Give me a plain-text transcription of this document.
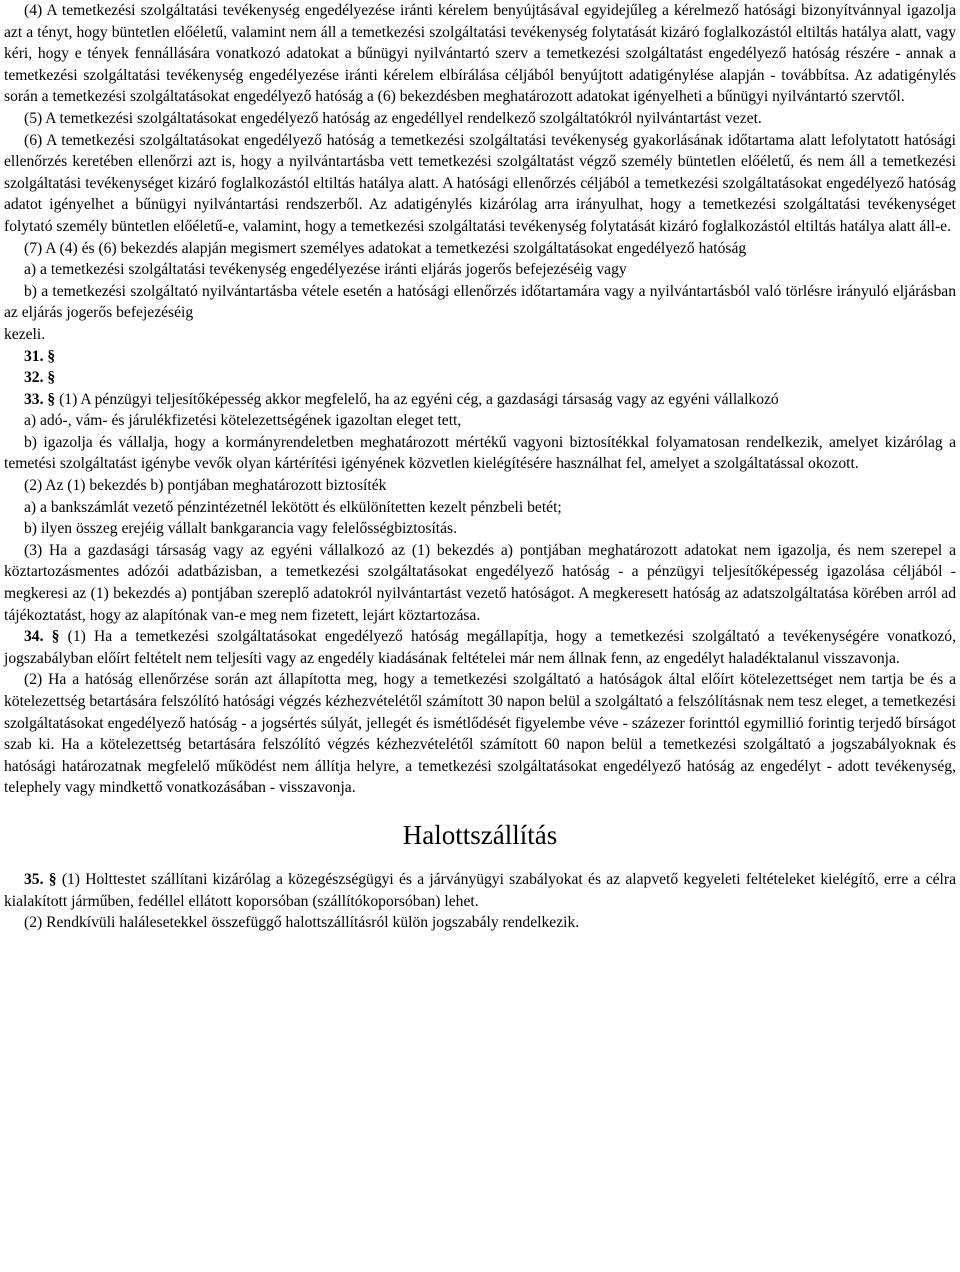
(4) A temetkezési szolgáltatási tevékenység engedélyezése iránti kérelem benyújtásával egyidejűleg a kérelmező hatósági bizonyítvánnyal igazolja azt a tényt, hogy büntetlen előéletű, valamint nem áll a temetkezési szolgáltatási tevékenység folytatását kizáró foglalkozástól eltiltás hatálya alatt, vagy kéri, hogy e tények fennállására vonatkozó adatokat a bűnügyi nyilvántartó szerv a temetkezési szolgáltatást engedélyező hatóság részére - annak a temetkezési szolgáltatási tevékenység engedélyezése iránti kérelem elbírálása céljából benyújtott adatigénylése alapján - továbbítsa. Az adatigénylés során a temetkezési szolgáltatásokat engedélyező hatóság a (6) bekezdésben meghatározott adatokat igényelheti a bűnügyi nyilvántartó szervtől.

(5) A temetkezési szolgáltatásokat engedélyező hatóság az engedéllyel rendelkező szolgáltatókról nyilvántartást vezet.

(6) A temetkezési szolgáltatásokat engedélyező hatóság a temetkezési szolgáltatási tevékenység gyakorlásának időtartama alatt lefolytatott hatósági ellenőrzés keretében ellenőrzi azt is, hogy a nyilvántartásba vett temetkezési szolgáltatást végző személy büntetlen előéletű, és nem áll a temetkezési szolgáltatási tevékenységet kizáró foglalkozástól eltiltás hatálya alatt. A hatósági ellenőrzés céljából a temetkezési szolgáltatásokat engedélyező hatóság adatot igényelhet a bűnügyi nyilvántartási rendszerből. Az adatigénylés kizárólag arra irányulhat, hogy a temetkezési szolgáltatási tevékenységet folytató személy büntetlen előéletű-e, valamint, hogy a temetkezési szolgáltatási tevékenység folytatását kizáró foglalkozástól eltiltás hatálya alatt áll-e.

(7) A (4) és (6) bekezdés alapján megismert személyes adatokat a temetkezési szolgáltatásokat engedélyező hatóság

a) a temetkezési szolgáltatási tevékenység engedélyezése iránti eljárás jogerős befejezéséig vagy

b) a temetkezési szolgáltató nyilvántartásba vétele esetén a hatósági ellenőrzés időtartamára vagy a nyilvántartásból való törlésre irányuló eljárásban az eljárás jogerős befejezéséig

kezeli.

31. §

32. §

33. § (1) A pénzügyi teljesítőképesség akkor megfelelő, ha az egyéni cég, a gazdasági társaság vagy az egyéni vállalkozó

a) adó-, vám- és járulékfizetési kötelezettségének igazoltan eleget tett,

b) igazolja és vállalja, hogy a kormányrendeletben meghatározott mértékű vagyoni biztosítékkal folyamatosan rendelkezik, amelyet kizárólag a temetési szolgáltatást igénybe vevők olyan kártérítési igényének közvetlen kielégítésére használhat fel, amelyet a szolgáltatással okozott.

(2) Az (1) bekezdés b) pontjában meghatározott biztosíték

a) a bankszámlát vezető pénzintézetnél lekötött és elkülönítetten kezelt pénzbeli betét;

b) ilyen összeg erejéig vállalt bankgarancia vagy felelősségbiztosítás.

(3) Ha a gazdasági társaság vagy az egyéni vállalkozó az (1) bekezdés a) pontjában meghatározott adatokat nem igazolja, és nem szerepel a köztartozásmentes adózói adatbázisban, a temetkezési szolgáltatásokat engedélyező hatóság - a pénzügyi teljesítőképesség igazolása céljából - megkeresi az (1) bekezdés a) pontjában szereplő adatokról nyilvántartást vezető hatóságot. A megkeresett hatóság az adatszolgáltatása körében arról ad tájékoztatást, hogy az alapítónak van-e meg nem fizetett, lejárt köztartozása.

34. § (1) Ha a temetkezési szolgáltatásokat engedélyező hatóság megállapítja, hogy a temetkezési szolgáltató a tevékenységére vonatkozó, jogszabályban előírt feltételt nem teljesíti vagy az engedély kiadásának feltételei már nem állnak fenn, az engedélyt haladéktalanul visszavonja.

(2) Ha a hatóság ellenőrzése során azt állapította meg, hogy a temetkezési szolgáltató a hatóságok által előírt kötelezettséget nem tartja be és a kötelezettség betartására felszólító hatósági végzés kézhezvételétől számított 30 napon belül a szolgáltató a felszólításnak nem tesz eleget, a temetkezési szolgáltatásokat engedélyező hatóság - a jogsértés súlyát, jellegét és ismétlődését figyelembe véve - százezer forinttól egymillió forintig terjedő bírságot szab ki. Ha a kötelezettség betartására felszólító végzés kézhezvételétől számított 60 napon belül a temetkezési szolgáltató a jogszabályoknak és hatósági határozatnak megfelelő működést nem állítja helyre, a temetkezési szolgáltatásokat engedélyező hatóság az engedélyt - adott tevékenység, telephely vagy mindkettő vonatkozásában - visszavonja.

Halottszállítás

35. § (1) Holttestet szállítani kizárólag a közegészségügyi és a járványügyi szabályokat és az alapvető kegyeleti feltételeket kielégítő, erre a célra kialakított járműben, fedéllel ellátott koporsóban (szállítókoporsóban) lehet.

(2) Rendkívüli halálesetekkel összefüggő halottszállításról külön jogszabály rendelkezik.
